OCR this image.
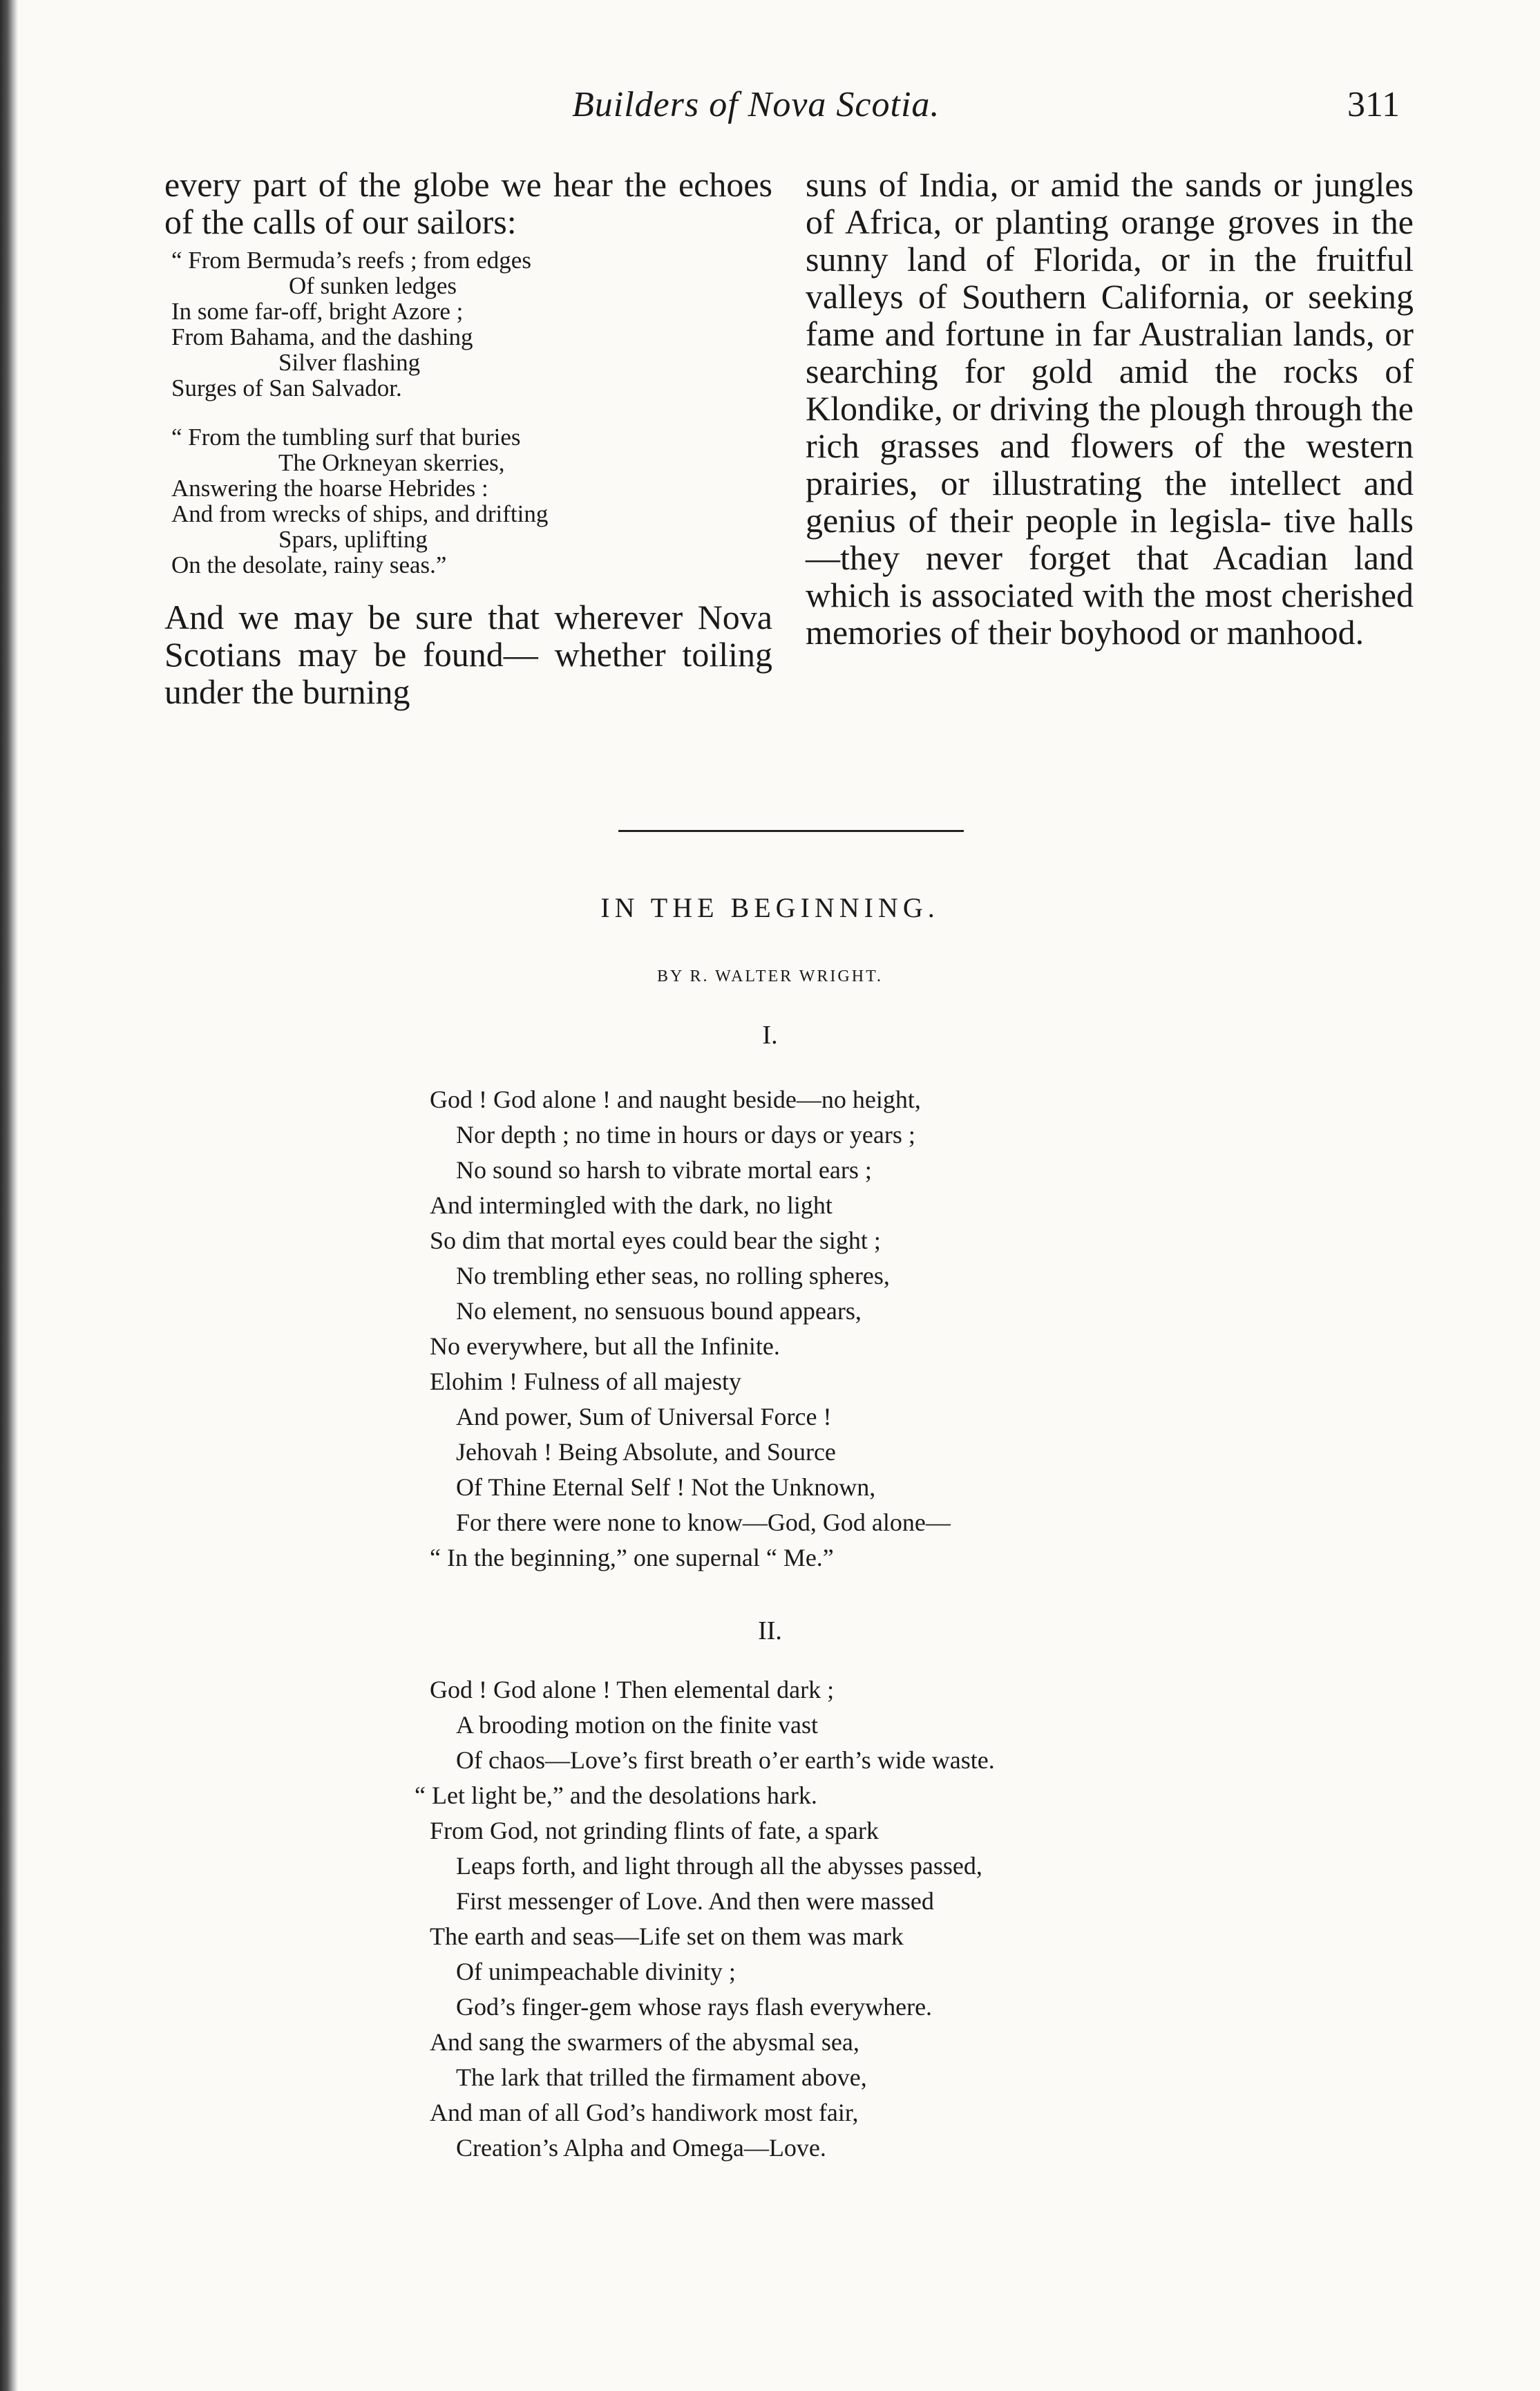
Builders of Nova Scotia.	311

every part of the globe we hear the echoes of the calls of our sailors:

“ From Bermuda’s reefs ; from edges
Of sunken ledges
In some far-off, bright Azore ;
From Bahama, and the dashing
Silver flashing
Surges of San Salvador.
“ From the tumbling surf that buries
The Orkneyan skerries,
Answering the hoarse Hebrides :
And from wrecks of ships, and drifting
Spars, uplifting
On the desolate, rainy seas.”

And we may be sure that wherever Nova Scotians may be found— whether toiling under the burning

suns of India, or amid the sands or jungles of Africa, or planting orange groves in the sunny land of Florida, or in the fruitful valleys of Southern California, or seeking fame and fortune in far Australian lands, or searching for gold amid the rocks of Klondike, or driving the plough through the rich grasses and flowers of the western prairies, or illustrating the intellect and genius of their people in legisla- tive halls—they never forget that Acadian land which is associated with the most cherished memories of their boyhood or manhood.

IN THE BEGINNING.
BY R. WALTER WRIGHT.
I.
God ! God alone ! and naught beside—no height,
Nor depth ; no time in hours or days or years ;
No sound so harsh to vibrate mortal ears ;
And intermingled with the dark, no light
So dim that mortal eyes could bear the sight ;
No trembling ether seas, no rolling spheres,
No element, no sensuous bound appears,
No everywhere, but all the Infinite.
Elohim ! Fulness of all majesty
And power, Sum of Universal Force !
Jehovah ! Being Absolute, and Source
Of Thine Eternal Self ! Not the Unknown,
For there were none to know—God, God alone—
“ In the beginning,” one supernal “ Me.”
II.
God ! God alone ! Then elemental dark ;
A brooding motion on the finite vast
Of chaos—Love’s first breath o’er earth’s wide waste.
“ Let light be,” and the desolations hark.
From God, not grinding flints of fate, a spark
Leaps forth, and light through all the abysses passed,
First messenger of Love. And then were massed
The earth and seas—Life set on them was mark
Of unimpeachable divinity ;
God’s finger-gem whose rays flash everywhere.
And sang the swarmers of the abysmal sea,
The lark that trilled the firmament above,
And man of all God’s handiwork most fair,
Creation’s Alpha and Omega—Love.
